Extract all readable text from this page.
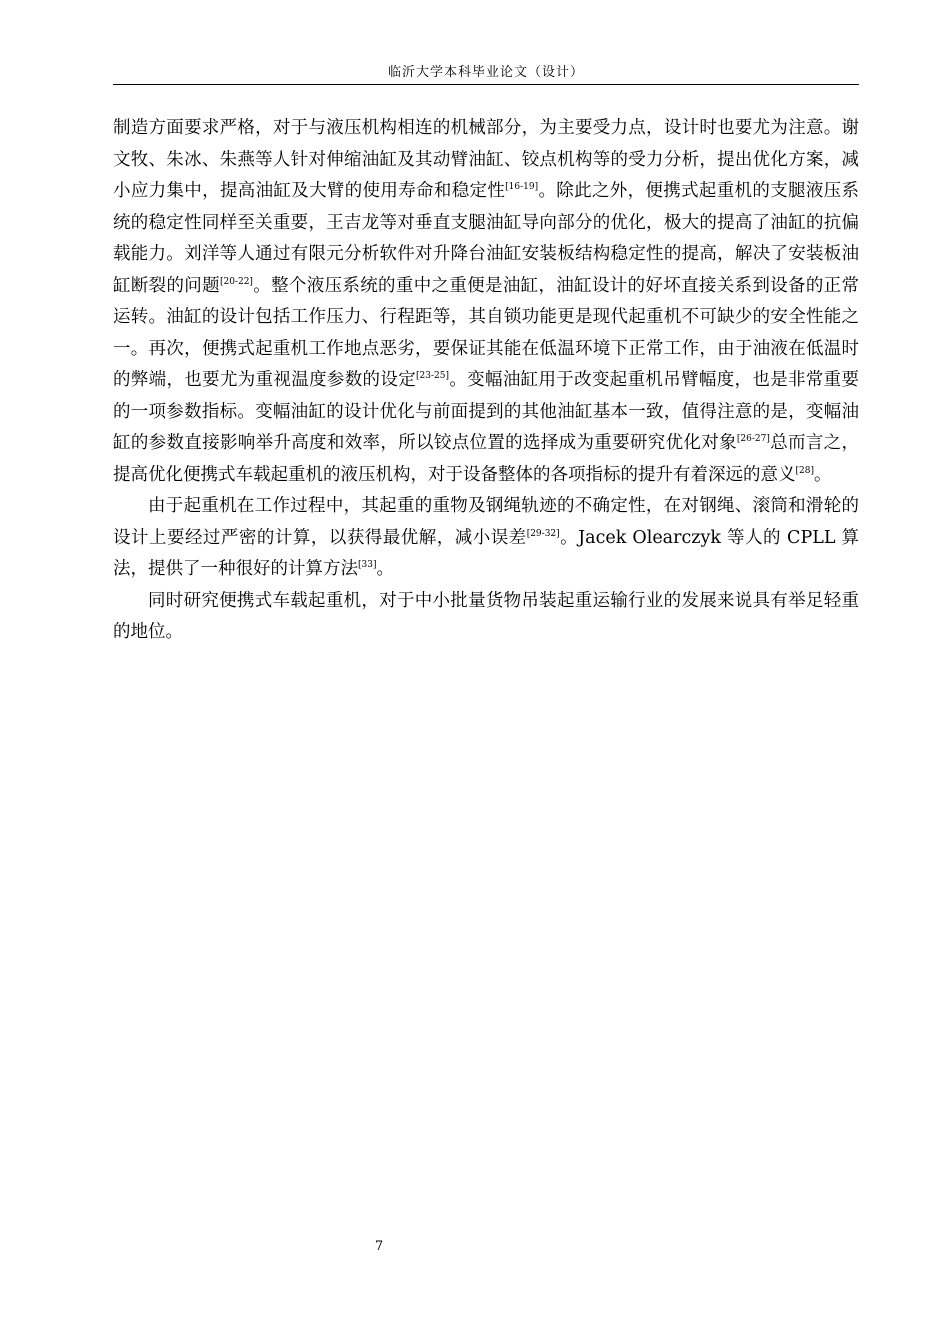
临沂大学本科毕业论文（设计）

制造方面要求严格，对于与液压机构相连的机械部分，为主要受力点，设计时也要尤为注意。谢文牧、朱冰、朱燕等人针对伸缩油缸及其动臂油缸、铰点机构等的受力分析，提出优化方案，减小应力集中，提高油缸及大臂的使用寿命和稳定性[16-19]。除此之外，便携式起重机的支腿液压系统的稳定性同样至关重要，王吉龙等对垂直支腿油缸导向部分的优化，极大的提高了油缸的抗偏载能力。刘洋等人通过有限元分析软件对升降台油缸安装板结构稳定性的提高，解决了安装板油缸断裂的问题[20-22]。整个液压系统的重中之重便是油缸，油缸设计的好坏直接关系到设备的正常运转。油缸的设计包括工作压力、行程距等，其自锁功能更是现代起重机不可缺少的安全性能之一。再次，便携式起重机工作地点恶劣，要保证其能在低温环境下正常工作，由于油液在低温时的弊端，也要尤为重视温度参数的设定[23-25]。变幅油缸用于改变起重机吊臂幅度，也是非常重要的一项参数指标。变幅油缸的设计优化与前面提到的其他油缸基本一致，值得注意的是，变幅油缸的参数直接影响举升高度和效率，所以铰点位置的选择成为重要研究优化对象[26-27]总而言之，提高优化便携式车载起重机的液压机构，对于设备整体的各项指标的提升有着深远的意义[28]。

由于起重机在工作过程中，其起重的重物及钢绳轨迹的不确定性，在对钢绳、滚筒和滑轮的设计上要经过严密的计算，以获得最优解，减小误差[29-32]。Jacek Olearczyk 等人的 CPLL 算法，提供了一种很好的计算方法[33]。

同时研究便携式车载起重机，对于中小批量货物吊装起重运输行业的发展来说具有举足轻重的地位。

7
